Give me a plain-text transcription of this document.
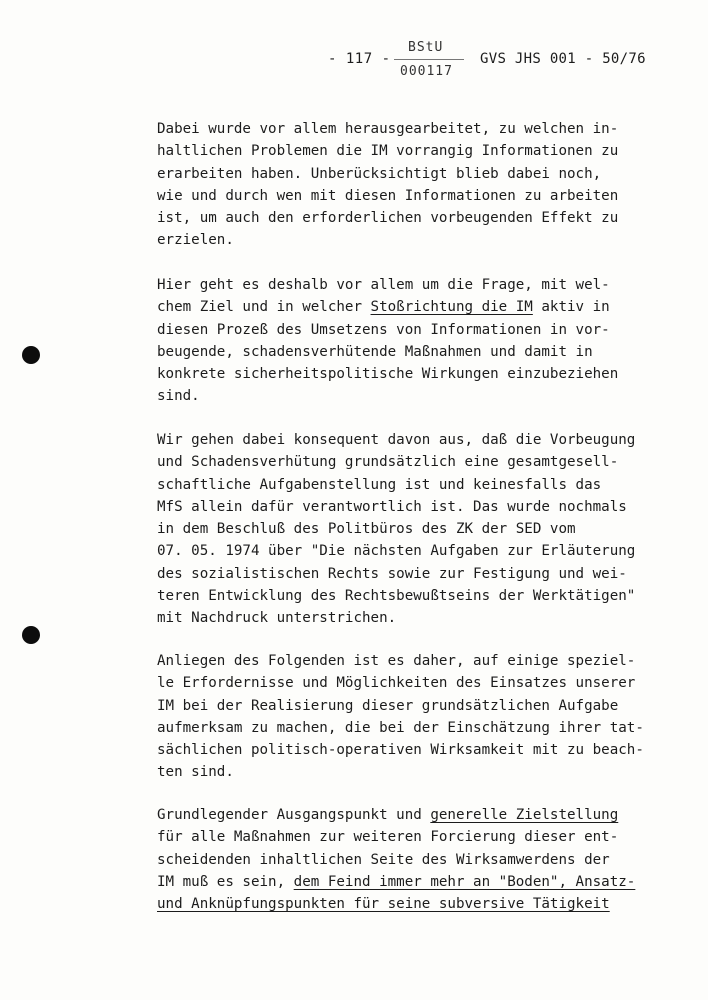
- 117 -
BStU
000117
GVS JHS 001 - 50/76
Dabei wurde vor allem herausgearbeitet, zu welchen in-
haltlichen Problemen die IM vorrangig Informationen zu
erarbeiten haben. Unberücksichtigt blieb dabei noch,
wie und durch wen mit diesen Informationen zu arbeiten
ist, um auch den erforderlichen vorbeugenden Effekt zu
erzielen.
Hier geht es deshalb vor allem um die Frage, mit wel-
chem Ziel und in welcher Stoßrichtung die IM aktiv in
diesen Prozeß des Umsetzens von Informationen in vor-
beugende, schadensverhütende Maßnahmen und damit in
konkrete sicherheitspolitische Wirkungen einzubeziehen
sind.
Wir gehen dabei konsequent davon aus, daß die Vorbeugung
und Schadensverhütung grundsätzlich eine gesamtgesell-
schaftliche Aufgabenstellung ist und keinesfalls das
MfS allein dafür verantwortlich ist. Das wurde nochmals
in dem Beschluß des Politbüros des ZK der SED vom
07. 05. 1974 über "Die nächsten Aufgaben zur Erläuterung
des sozialistischen Rechts sowie zur Festigung und wei-
teren Entwicklung des Rechtsbewußtseins der Werktätigen"
mit Nachdruck unterstrichen.
Anliegen des Folgenden ist es daher, auf einige speziel-
le Erfordernisse und Möglichkeiten des Einsatzes unserer
IM bei der Realisierung dieser grundsätzlichen Aufgabe
aufmerksam zu machen, die bei der Einschätzung ihrer tat-
sächlichen politisch-operativen Wirksamkeit mit zu beach-
ten sind.
Grundlegender Ausgangspunkt und generelle Zielstellung
für alle Maßnahmen zur weiteren Forcierung dieser ent-
scheidenden inhaltlichen Seite des Wirksamwerdens der
IM muß es sein, dem Feind immer mehr an "Boden", Ansatz-
und Anknüpfungspunkten für seine subversive Tätigkeit
